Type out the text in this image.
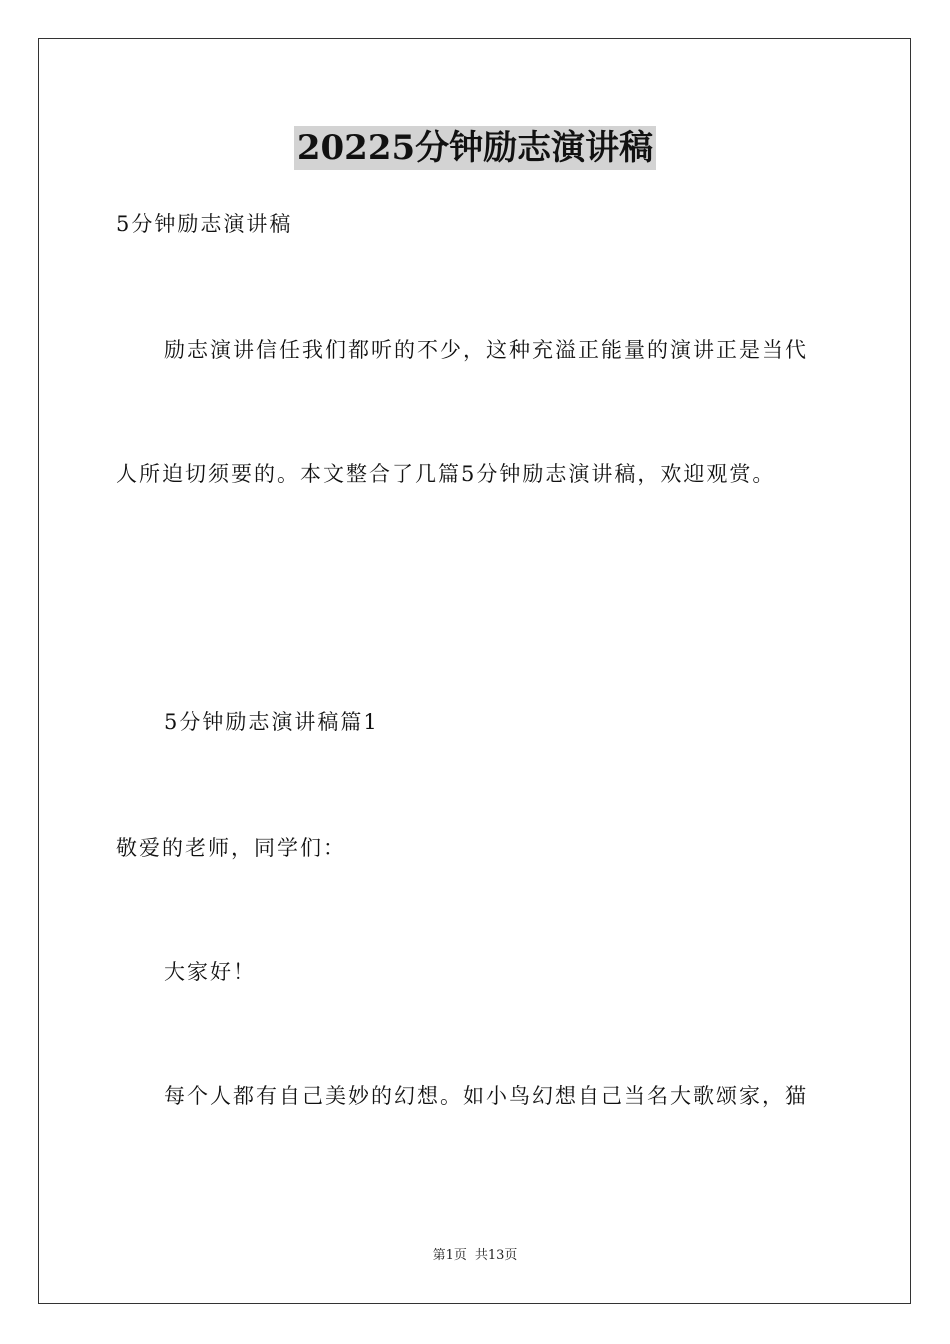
20225分钟励志演讲稿
5分钟励志演讲稿
励志演讲信任我们都听的不少，这种充溢正能量的演讲正是当代
人所迫切须要的。本文整合了几篇5分钟励志演讲稿，欢迎观赏。
5分钟励志演讲稿篇1
敬爱的老师，同学们：
大家好！
每个人都有自己美妙的幻想。如小鸟幻想自己当名大歌颂家，猫
第1页 共13页
